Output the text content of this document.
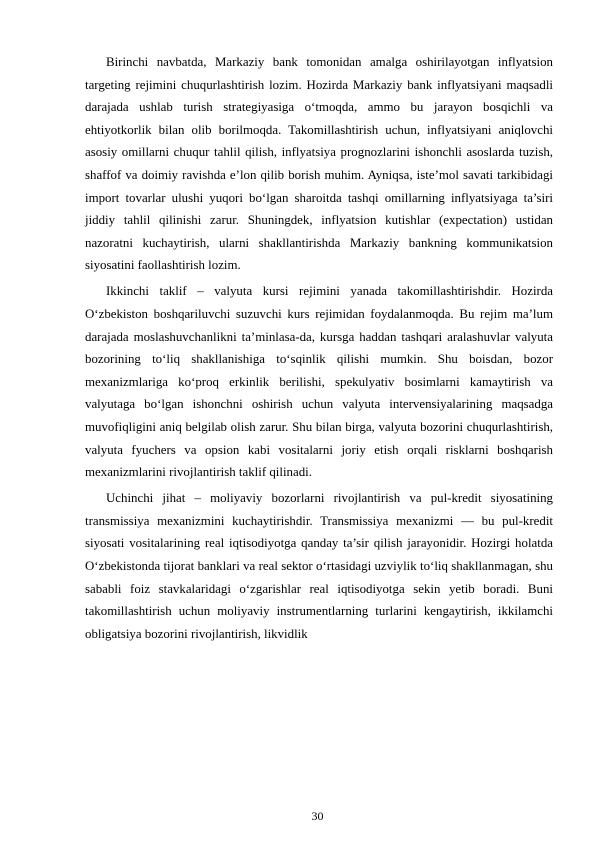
Birinchi navbatda, Markaziy bank tomonidan amalga oshirilayotgan inflyatsion targeting rejimini chuqurlashtirish lozim. Hozirda Markaziy bank inflyatsiyani maqsadli darajada ushlab turish strategiyasiga o‘tmoqda, ammo bu jarayon bosqichli va ehtiyotkorlik bilan olib borilmoqda. Takomillashtirish uchun, inflyatsiyani aniqlovchi asosiy omillarni chuqur tahlil qilish, inflyatsiya prognozlarini ishonchli asoslarda tuzish, shaffof va doimiy ravishda e’lon qilib borish muhim. Ayniqsa, iste’mol savati tarkibidagi import tovarlar ulushi yuqori bo‘lgan sharoitda tashqi omillarning inflyatsiyaga ta’siri jiddiy tahlil qilinishi zarur. Shuningdek, inflyatsion kutishlar (expectation) ustidan nazoratni kuchaytirish, ularni shakllantirishda Markaziy bankning kommunikatsion siyosatini faollashtirish lozim.

Ikkinchi taklif – valyuta kursi rejimini yanada takomillashtirishdir. Hozirda O‘zbekiston boshqariluvchi suzuvchi kurs rejimidan foydalanmoqda. Bu rejim ma’lum darajada moslashuvchanlikni ta’minlasa-da, kursga haddan tashqari aralashuvlar valyuta bozorining to‘liq shakllanishiga to‘sqinlik qilishi mumkin. Shu boisdan, bozor mexanizmlariga ko‘proq erkinlik berilishi, spekulyativ bosimlarni kamaytirish va valyutaga bo‘lgan ishonchni oshirish uchun valyuta intervensiyalarining maqsadga muvofiqligini aniq belgilab olish zarur. Shu bilan birga, valyuta bozorini chuqurlashtirish, valyuta fyuchers va opsion kabi vositalarni joriy etish orqali risklarni boshqarish mexanizmlarini rivojlantirish taklif qilinadi.

Uchinchi jihat – moliyaviy bozorlarni rivojlantirish va pul-kredit siyosatining transmissiya mexanizmini kuchaytirishdir. Transmissiya mexanizmi — bu pul-kredit siyosati vositalarining real iqtisodiyotga qanday ta’sir qilish jarayonidir. Hozirgi holatda O‘zbekistonda tijorat banklari va real sektor o‘rtasidagi uzviylik to‘liq shakllanmagan, shu sababli foiz stavkalaridagi o‘zgarishlar real iqtisodiyotga sekin yetib boradi. Buni takomillashtirish uchun moliyaviy instrumentlarning turlarini kengaytirish, ikkilamchi obligatsiya bozorini rivojlantirish, likvidlik

30
